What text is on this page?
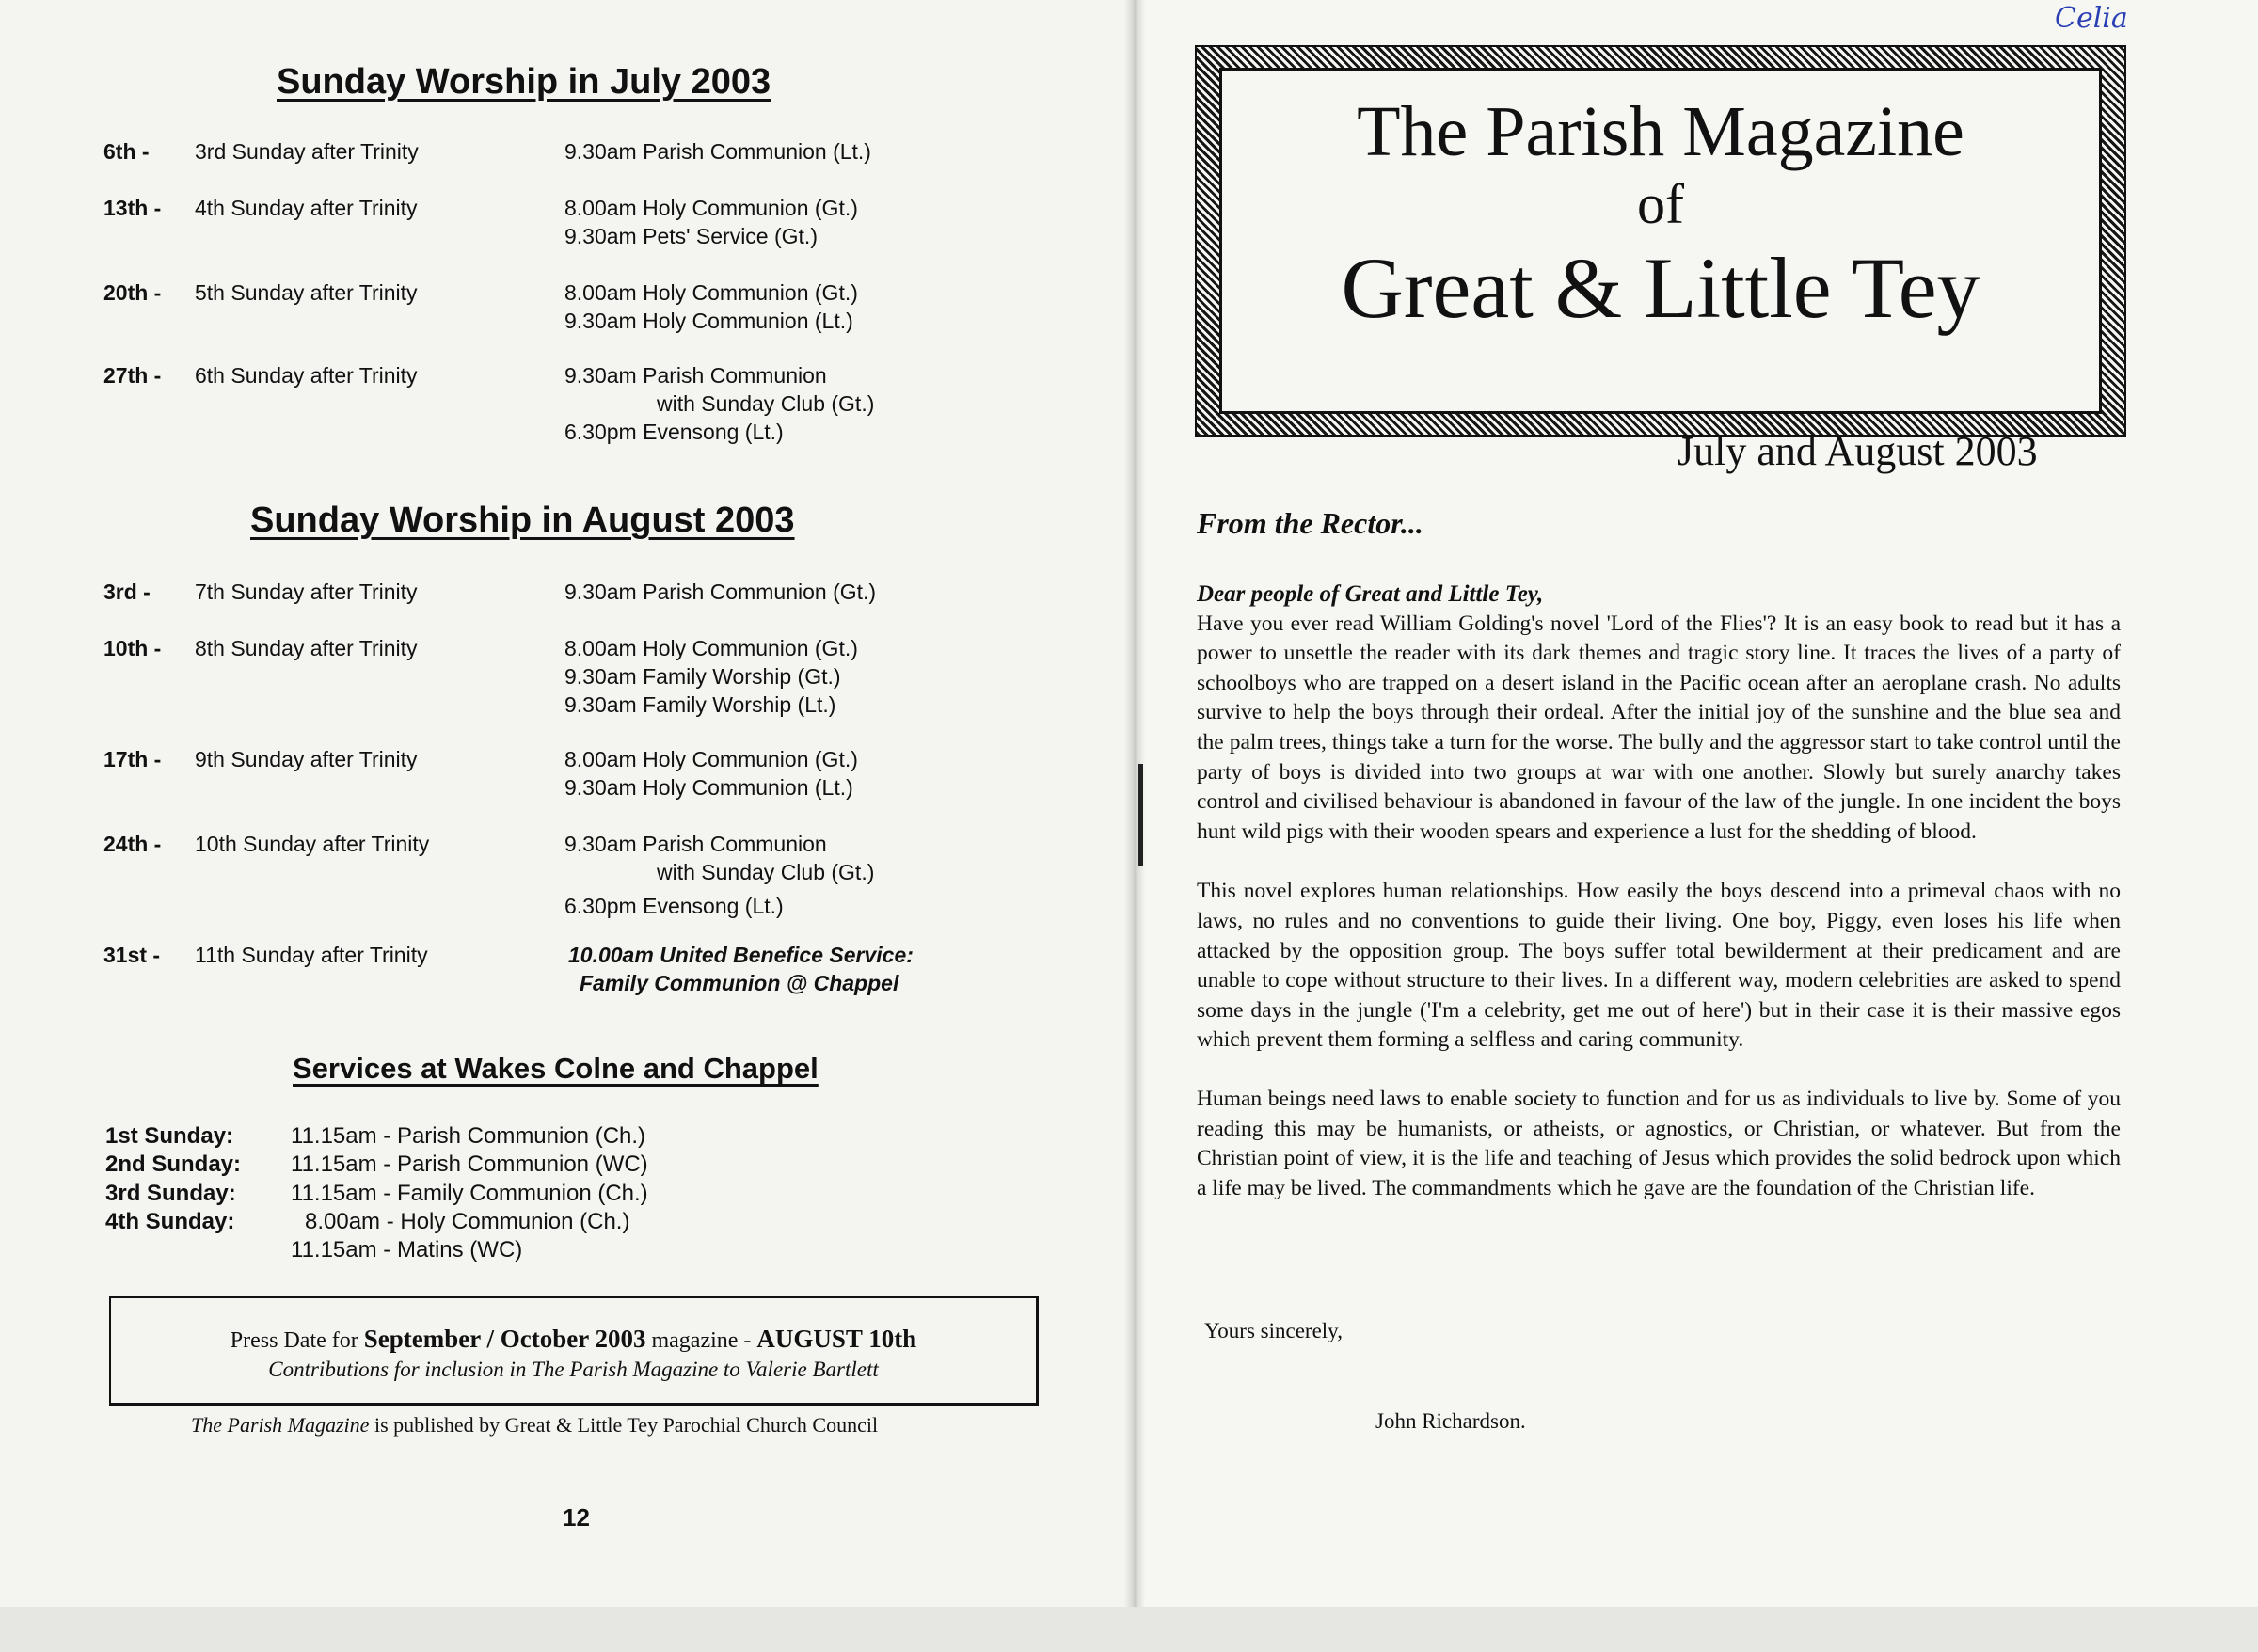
Sunday Worship in July 2003
6th - 3rd Sunday after Trinity	9.30am Parish Communion (Lt.)
13th - 4th Sunday after Trinity	8.00am Holy Communion (Gt.)
9.30am Pets' Service (Gt.)
20th - 5th Sunday after Trinity	8.00am Holy Communion (Gt.)
9.30am Holy Communion (Lt.)
27th - 6th Sunday after Trinity	9.30am Parish Communion
with Sunday Club (Gt.)
6.30pm Evensong (Lt.)
Sunday Worship in August 2003
3rd - 7th Sunday after Trinity	9.30am Parish Communion (Gt.)
10th - 8th Sunday after Trinity	8.00am Holy Communion (Gt.)
9.30am Family Worship (Gt.)
9.30am Family Worship (Lt.)
17th - 9th Sunday after Trinity	8.00am Holy Communion (Gt.)
9.30am Holy Communion (Lt.)
24th - 10th Sunday after Trinity	9.30am Parish Communion
with Sunday Club (Gt.)
6.30pm Evensong (Lt.)
31st - 11th Sunday after Trinity	10.00am United Benefice Service:
Family Communion @ Chappel
Services at Wakes Colne and Chappel
1st Sunday:	11.15am - Parish Communion (Ch.)
2nd Sunday: 11.15am - Parish Communion (WC)
3rd Sunday: 11.15am - Family Communion (Ch.)
4th Sunday:	8.00am - Holy Communion (Ch.)
11.15am - Matins (WC)
Press Date for September / October 2003 magazine - AUGUST 10th
Contributions for inclusion in The Parish Magazine to Valerie Bartlett
The Parish Magazine is published by Great & Little Tey Parochial Church Council
12
Celia
The Parish Magazine
of
Great & Little Tey
July and August 2003
From the Rector...
Dear people of Great and Little Tey,

Have you ever read William Golding's novel 'Lord of the Flies'? It is an easy book to read but it has a power to unsettle the reader with its dark themes and tragic story line. It traces the lives of a party of schoolboys who are trapped on a desert island in the Pacific ocean after an aeroplane crash. No adults survive to help the boys through their ordeal. After the initial joy of the sunshine and the blue sea and the palm trees, things take a turn for the worse. The bully and the aggressor start to take control until the party of boys is divided into two groups at war with one another. Slowly but surely anarchy takes control and civilised behaviour is abandoned in favour of the law of the jungle. In one incident the boys hunt wild pigs with their wooden spears and experience a lust for the shedding of blood.

This novel explores human relationships. How easily the boys descend into a primeval chaos with no laws, no rules and no conventions to guide their living. One boy, Piggy, even loses his life when attacked by the opposition group. The boys suffer total bewilderment at their predicament and are unable to cope without structure to their lives. In a different way, modern celebrities are asked to spend some days in the jungle ('I'm a celebrity, get me out of here') but in their case it is their massive egos which prevent them forming a selfless and caring community.

Human beings need laws to enable society to function and for us as individuals to live by. Some of you reading this may be humanists, or atheists, or agnostics, or Christian, or whatever. But from the Christian point of view, it is the life and teaching of Jesus which provides the solid bedrock upon which a life may be lived. The commandments which he gave are the foundation of the Christian life.

Yours sincerely,
John Richardson.
